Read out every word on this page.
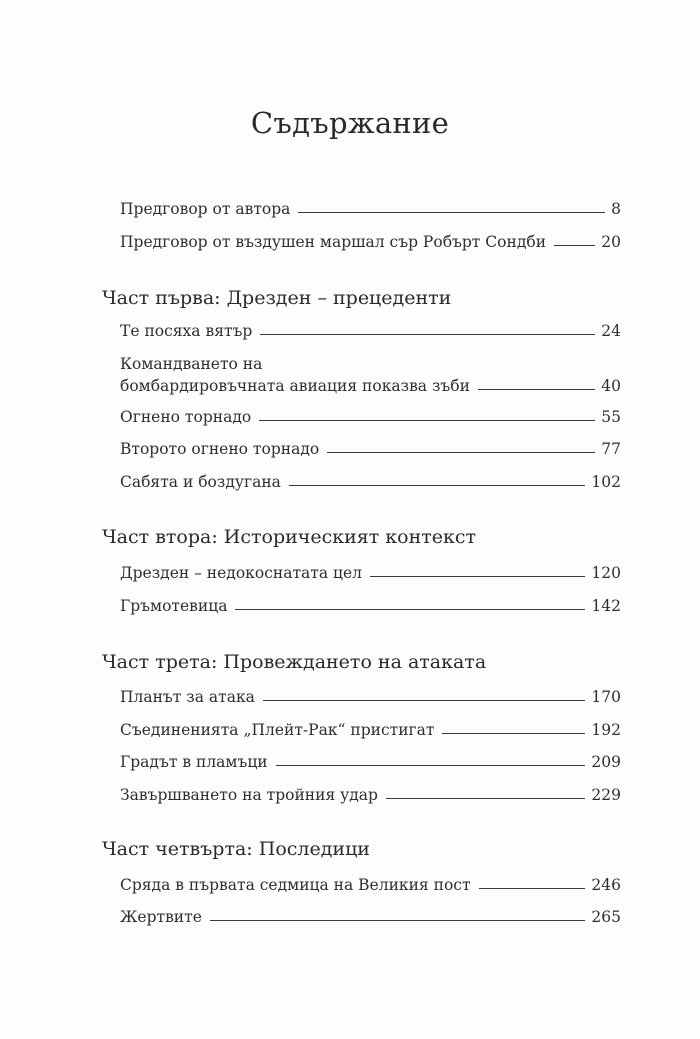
Съдържание
Предговор от автора	8
Предговор от въздушен маршал сър Робърт Сондби	20
Част първа: Дрезден – прецеденти
Те посяха вятър	24
Командването на
бомбардировъчната авиация показва зъби	40
Огнено торнадо	55
Второто огнено торнадо	77
Сабята и боздугана	102
Част втора: Историческият контекст
Дрезден – недокоснатата цел	120
Гръмотевица	142
Част трета: Провеждането на атаката
Планът за атака	170
Съединенията „Плейт-Рак“ пристигат	192
Градът в пламъци	209
Завършването на тройния удар	229
Част четвърта: Последици
Сряда в първата седмица на Великия пост	246
Жертвите	265
